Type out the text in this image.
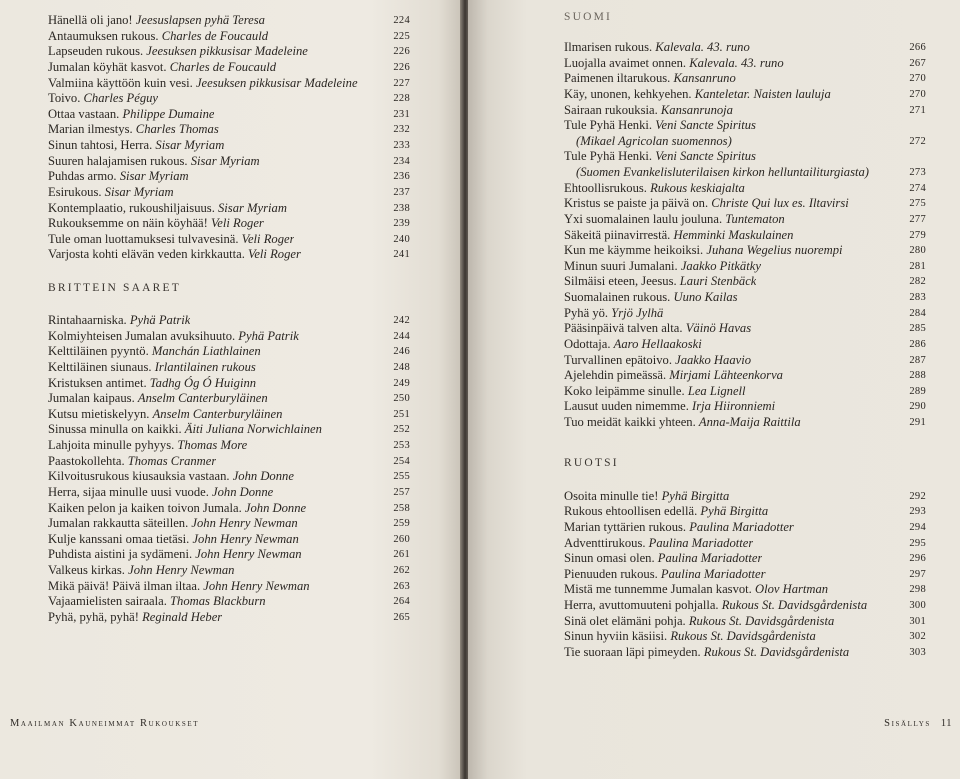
Hänellä oli jano! Jeesuslapsen pyhä Teresa	224
Antaumuksen rukous. Charles de Foucauld	225
Lapseuden rukous. Jeesuksen pikkusisar Madeleine	226
Jumalan köyhät kasvot. Charles de Foucauld	226
Valmiina käyttöön kuin vesi. Jeesuksen pikkusisar Madeleine	227
Toivo. Charles Péguy	228
Ottaa vastaan. Philippe Dumaine	231
Marian ilmestys. Charles Thomas	232
Sinun tahtosi, Herra. Sisar Myriam	233
Suuren halajamisen rukous. Sisar Myriam	234
Puhdas armo. Sisar Myriam	236
Esirukous. Sisar Myriam	237
Kontemplaatio, rukoushiljaisuus. Sisar Myriam	238
Rukouksemme on näin köyhää! Veli Roger	239
Tule oman luottamuksesi tulvavesinä. Veli Roger	240
Varjosta kohti elävän veden kirkkautta. Veli Roger	241
BRITTEIN SAARET
Rintahaarniska. Pyhä Patrik	242
Kolmiyhteisen Jumalan avuksihuuto. Pyhä Patrik	244
Kelttiläinen pyyntö. Manchán Liathlainen	246
Kelttiläinen siunaus. Irlantilainen rukous	248
Kristuksen antimet. Tadhg Óg Ó Huiginn	249
Jumalan kaipaus. Anselm Canterburyläinen	250
Kutsu mietiskelyyn. Anselm Canterburyläinen	251
Sinussa minulla on kaikki. Äiti Juliana Norwichlainen	252
Lahjoita minulle pyhyys. Thomas More	253
Paastokollehta. Thomas Cranmer	254
Kilvoitusrukous kiusauksia vastaan. John Donne	255
Herra, sijaa minulle uusi vuode. John Donne	257
Kaiken pelon ja kaiken toivon Jumala. John Donne	258
Jumalan rakkautta säteillen. John Henry Newman	259
Kulje kanssani omaa tietäsi. John Henry Newman	260
Puhdista aistini ja sydämeni. John Henry Newman	261
Valkeus kirkas. John Henry Newman	262
Mikä päivä! Päivä ilman iltaa. John Henry Newman	263
Vajaamielisten sairaala. Thomas Blackburn	264
Pyhä, pyhä, pyhä! Reginald Heber	265
Maailman Kauneimmat Rukoukset
SUOMI
Ilmarisen rukous. Kalevala. 43. runo	266
Luojalla avaimet onnen. Kalevala. 43. runo	267
Paimenen iltarukous. Kansanruno	270
Käy, unonen, kehkyehen. Kanteletar. Naisten lauluja	270
Sairaan rukouksia. Kansanrunoja	271
Tule Pyhä Henki. Veni Sancte Spiritus
(Mikael Agricolan suomennos)	272
Tule Pyhä Henki. Veni Sancte Spiritus
(Suomen Evankelisluterilaisen kirkon helluntailiturgiasta)	273
Ehtoollisrukous. Rukous keskiajalta	274
Kristus se paiste ja päivä on. Christe Qui lux es. Iltavirsi	275
Yxi suomalainen laulu jouluna. Tuntematon	277
Säkeitä piinavirrestä. Hemminki Maskulainen	279
Kun me käymme heikoiksi. Juhana Wegelius nuorempi	280
Minun suuri Jumalani. Jaakko Pitkätky	281
Silmäisi eteen, Jeesus. Lauri Stenbäck	282
Suomalainen rukous. Uuno Kailas	283
Pyhä yö. Yrjö Jylhä	284
Pääsinpäivä talven alta. Väinö Havas	285
Odottaja. Aaro Hellaakoski	286
Turvallinen epätoivo. Jaakko Haavio	287
Ajelehdin pimeässä. Mirjami Lähteenkorva	288
Koko leipämme sinulle. Lea Lignell	289
Lausut uuden nimemme. Irja Hiironniemi	290
Tuo meidät kaikki yhteen. Anna-Maija Raittila	291
RUOTSI
Osoita minulle tie! Pyhä Birgitta	292
Rukous ehtoollisen edellä. Pyhä Birgitta	293
Marian tyttärien rukous. Paulina Mariadotter	294
Adventtirukous. Paulina Mariadotter	295
Sinun omasi olen. Paulina Mariadotter	296
Pienuuden rukous. Paulina Mariadotter	297
Mistä me tunnemme Jumalan kasvot. Olov Hartman	298
Herra, avuttomuuteni pohjalla. Rukous St. Davidsgårdenista	300
Sinä olet elämäni pohja. Rukous St. Davidsgårdenista	301
Sinun hyviin käsiisi. Rukous St. Davidsgårdenista	302
Tie suoraan läpi pimeyden. Rukous St. Davidsgårdenista	303
Sisällys 11
